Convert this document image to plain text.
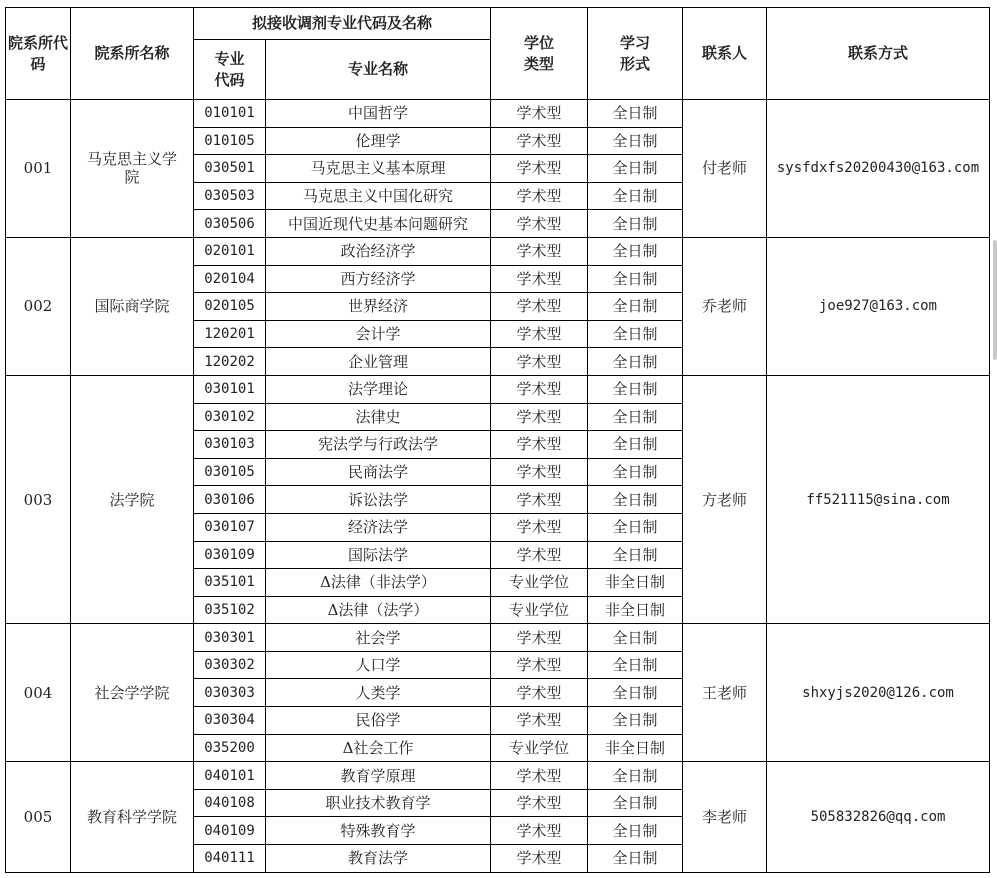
院系所代码	院系所名称	拟接收调剂专业代码及名称		学位类型	学习形式	联系人	联系方式
		专业代码	专业名称				
001	马克思主义学院	010101	中国哲学	学术型	全日制	付老师	sysfdxfs20200430@163.com
		010105	伦理学	学术型	全日制		
		030501	马克思主义基本原理	学术型	全日制		
		030503	马克思主义中国化研究	学术型	全日制		
		030506	中国近现代史基本问题研究	学术型	全日制		
002	国际商学院	020101	政治经济学	学术型	全日制	乔老师	joe927@163.com
		020104	西方经济学	学术型	全日制		
		020105	世界经济	学术型	全日制		
		120201	会计学	学术型	全日制		
		120202	企业管理	学术型	全日制		
003	法学院	030101	法学理论	学术型	全日制	方老师	ff521115@sina.com
		030102	法律史	学术型	全日制		
		030103	宪法学与行政法学	学术型	全日制		
		030105	民商法学	学术型	全日制		
		030106	诉讼法学	学术型	全日制		
		030107	经济法学	学术型	全日制		
		030109	国际法学	学术型	全日制		
		035101	Δ法律（非法学）	专业学位	非全日制		
		035102	Δ法律（法学）	专业学位	非全日制		
004	社会学学院	030301	社会学	学术型	全日制	王老师	shxyjs2020@126.com
		030302	人口学	学术型	全日制		
		030303	人类学	学术型	全日制		
		030304	民俗学	学术型	全日制		
		035200	Δ社会工作	专业学位	非全日制		
005	教育科学学院	040101	教育学原理	学术型	全日制	李老师	505832826@qq.com
		040108	职业技术教育学	学术型	全日制		
		040109	特殊教育学	学术型	全日制		
		040111	教育法学	学术型	全日制		
